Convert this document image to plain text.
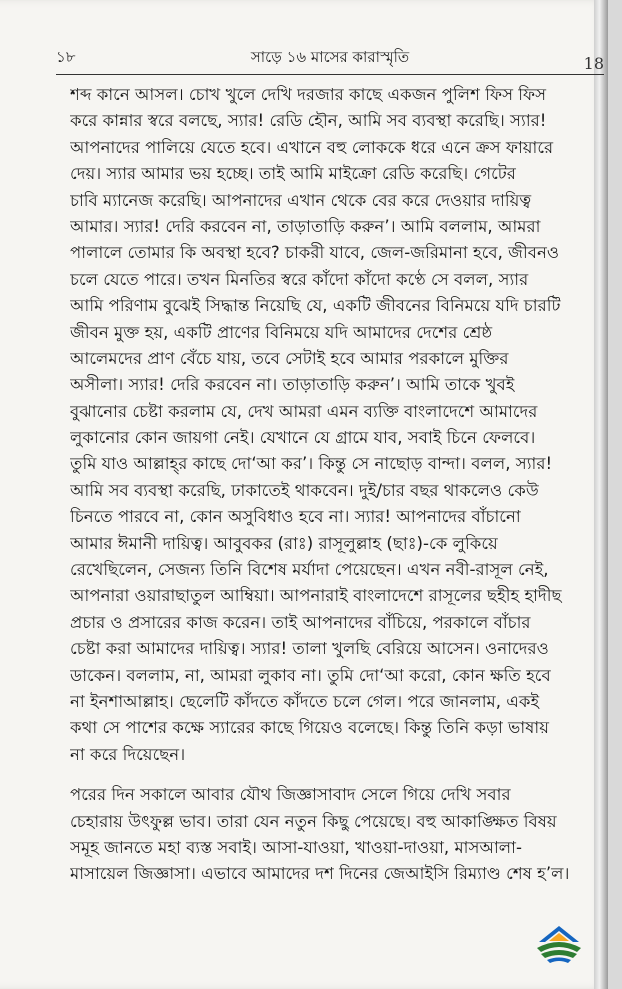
১৮	সাড়ে ১৬ মাসের কারাস্মৃতি	18
শব্দ কানে আসল। চোখ খুলে দেখি দরজার কাছে একজন পুলিশ ফিস ফিস
করে কান্নার স্বরে বলছে, স্যার! রেডি হৌন, আমি সব ব্যবস্থা করেছি। স্যার!
আপনাদের পালিয়ে যেতে হবে। এখানে বহু লোককে ধরে এনে ক্রস ফায়ারে
দেয়। স্যার আমার ভয় হচ্ছে। তাই আমি মাইক্রো রেডি করেছি। গেটের
চাবি ম্যানেজ করেছি। আপনাদের এখান থেকে বের করে দেওয়ার দায়িত্ব
আমার। স্যার! দেরি করবেন না, তাড়াতাড়ি করুন’। আমি বললাম, আমরা
পালালে তোমার কি অবস্থা হবে? চাকরী যাবে, জেল-জরিমানা হবে, জীবনও
চলে যেতে পারে। তখন মিনতির স্বরে কাঁদো কাঁদো কণ্ঠে সে বলল, স্যার
আমি পরিণাম বুঝেই সিদ্ধান্ত নিয়েছি যে, একটি জীবনের বিনিময়ে যদি চারটি
জীবন মুক্ত হয়, একটি প্রাণের বিনিময়ে যদি আমাদের দেশের শ্রেষ্ঠ
আলেমদের প্রাণ বেঁচে যায়, তবে সেটাই হবে আমার পরকালে মুক্তির
অসীলা। স্যার! দেরি করবেন না। তাড়াতাড়ি করুন’। আমি তাকে খুবই
বুঝানোর চেষ্টা করলাম যে, দেখ আমরা এমন ব্যক্তি বাংলাদেশে আমাদের
লুকানোর কোন জায়গা নেই। যেখানে যে গ্রামে যাব, সবাই চিনে ফেলবে।
তুমি যাও আল্লাহ্‌র কাছে দো‘আ কর’। কিন্তু সে নাছোড় বান্দা। বলল, স্যার!
আমি সব ব্যবস্থা করেছি, ঢাকাতেই থাকবেন। দুই/চার বছর থাকলেও কেউ
চিনতে পারবে না, কোন অসুবিধাও হবে না। স্যার! আপনাদের বাঁচানো
আমার ঈমানী দায়িত্ব। আবুবকর (রাঃ) রাসূলুল্লাহ (ছাঃ)-কে লুকিয়ে
রেখেছিলেন, সেজন্য তিনি বিশেষ মর্যাদা পেয়েছেন। এখন নবী-রাসূল নেই,
আপনারা ওয়ারাছাতুল আম্বিয়া। আপনারাই বাংলাদেশে রাসূলের ছহীহ হাদীছ
প্রচার ও প্রসারের কাজ করেন। তাই আপনাদের বাঁচিয়ে, পরকালে বাঁচার
চেষ্টা করা আমাদের দায়িত্ব। স্যার! তালা খুলছি বেরিয়ে আসেন। ওনাদেরও
ডাকেন। বললাম, না, আমরা লুকাব না। তুমি দো‘আ করো, কোন ক্ষতি হবে
না ইনশাআল্লাহ। ছেলেটি কাঁদতে কাঁদতে চলে গেল। পরে জানলাম, একই
কথা সে পাশের কক্ষে স্যারের কাছে গিয়েও বলেছে। কিন্তু তিনি কড়া ভাষায়
না করে দিয়েছেন।
পরের দিন সকালে আবার যৌথ জিজ্ঞাসাবাদ সেলে গিয়ে দেখি সবার
চেহারায় উৎফুল্ল ভাব। তারা যেন নতুন কিছু পেয়েছে। বহু আকাঙ্ক্ষিত বিষয়
সমূহ জানতে মহা ব্যস্ত সবাই। আসা-যাওয়া, খাওয়া-দাওয়া, মাসআলা-
মাসায়েল জিজ্ঞাসা। এভাবে আমাদের দশ দিনের জেআইসি রিম্যাণ্ড শেষ হ’ল।
